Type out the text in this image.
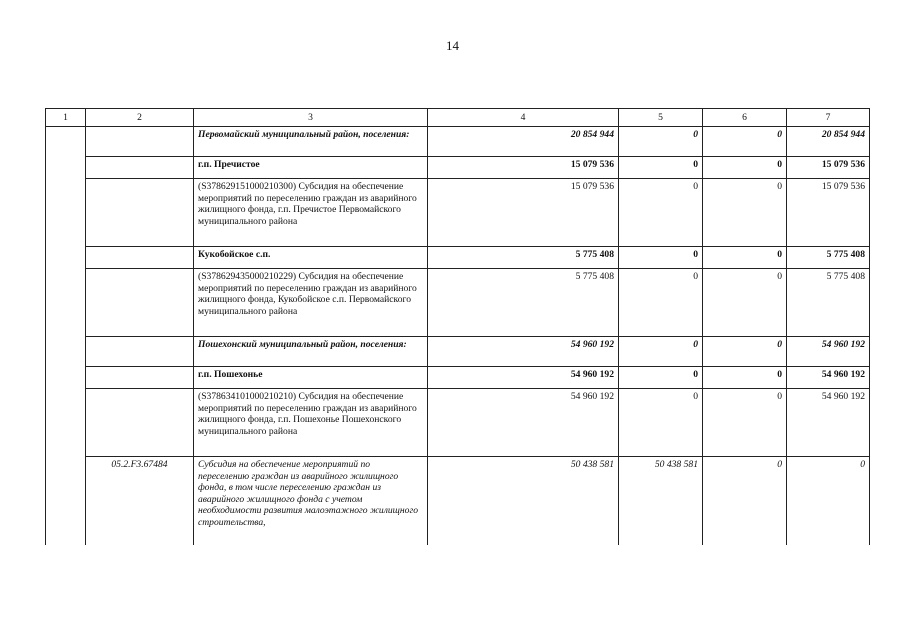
14
1	2	3	4	5	6	7
		Первомайский муниципальный район, поселения:	20 854 944	0	0	20 854 944
		г.п. Пречистое	15 079 536	0	0	15 079 536
		(S378629151000210300) Субсидия на обеспечение мероприятий по переселению граждан из аварийного жилищного фонда, г.п. Пречистое Первомайского муниципального района	15 079 536	0	0	15 079 536
		Кукобойское с.п.	5 775 408	0	0	5 775 408
		(S378629435000210229) Субсидия на обеспечение мероприятий по переселению граждан из аварийного жилищного фонда, Кукобойское с.п. Первомайского муниципального района	5 775 408	0	0	5 775 408
		Пошехонский муниципальный район, поселения:	54 960 192	0	0	54 960 192
		г.п. Пошехонье	54 960 192	0	0	54 960 192
		(S378634101000210210) Субсидия на обеспечение мероприятий по переселению граждан из аварийного жилищного фонда, г.п. Пошехонье Пошехонского муниципального района	54 960 192	0	0	54 960 192
	05.2.F3.67484	Субсидия на обеспечение мероприятий по переселению граждан из аварийного жилищного фонда, в том числе переселению граждан из аварийного жилищного фонда с учетом необходимости развития малоэтажного жилищного строительства,	50 438 581	50 438 581	0	0
